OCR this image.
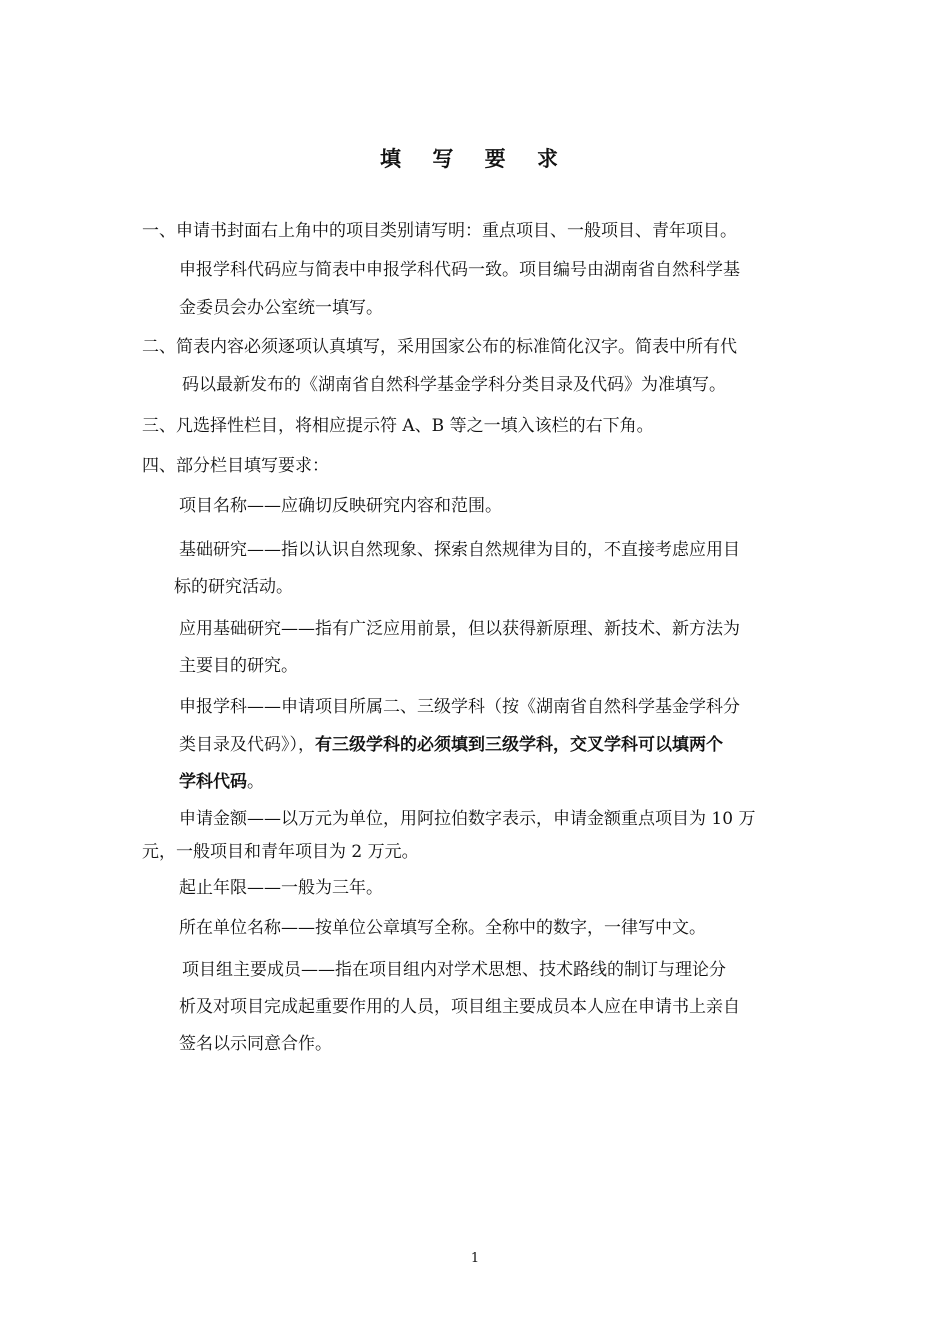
填 写 要 求
一、申请书封面右上角中的项目类别请写明：重点项目、一般项目、青年项目。
申报学科代码应与简表中申报学科代码一致。项目编号由湖南省自然科学基
金委员会办公室统一填写。
二、简表内容必须逐项认真填写，采用国家公布的标准简化汉字。简表中所有代
码以最新发布的《湖南省自然科学基金学科分类目录及代码》为准填写。
三、凡选择性栏目，将相应提示符 A、B 等之一填入该栏的右下角。
四、部分栏目填写要求：
项目名称——应确切反映研究内容和范围。
基础研究——指以认识自然现象、探索自然规律为目的，不直接考虑应用目
标的研究活动。
应用基础研究——指有广泛应用前景，但以获得新原理、新技术、新方法为
主要目的研究。
申报学科——申请项目所属二、三级学科（按《湖南省自然科学基金学科分
类目录及代码》），有三级学科的必须填到三级学科，交叉学科可以填两个
学科代码。
申请金额——以万元为单位，用阿拉伯数字表示，申请金额重点项目为 10 万
元，一般项目和青年项目为 2 万元。
起止年限——一般为三年。
所在单位名称——按单位公章填写全称。全称中的数字，一律写中文。
项目组主要成员——指在项目组内对学术思想、技术路线的制订与理论分
析及对项目完成起重要作用的人员，项目组主要成员本人应在申请书上亲自
签名以示同意合作。
1
